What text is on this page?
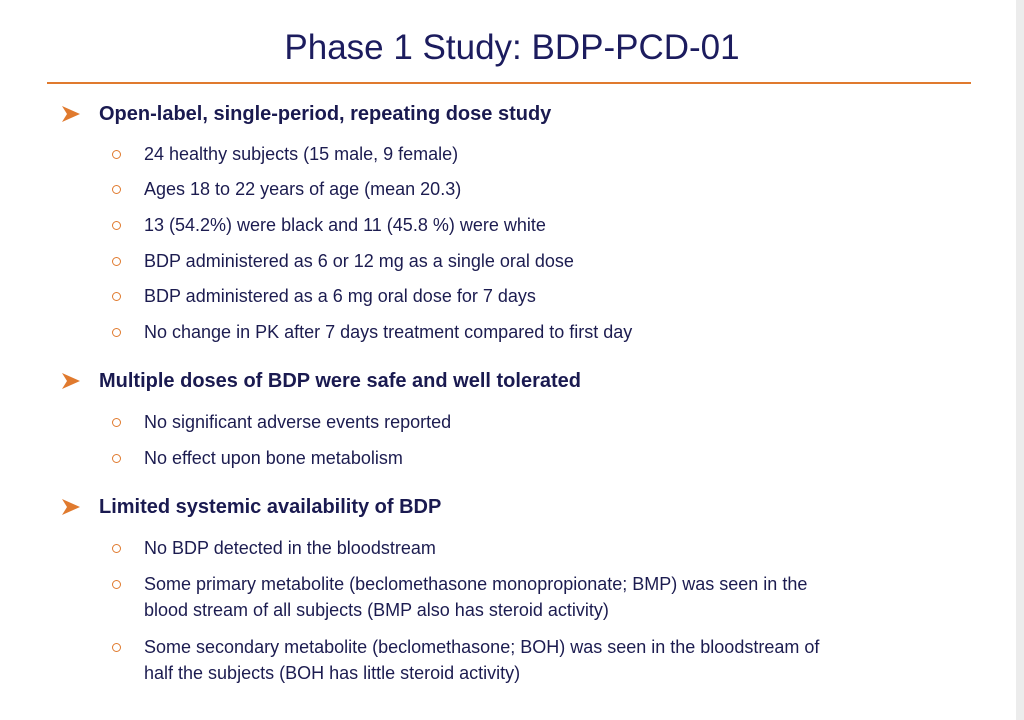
Phase 1 Study: BDP-PCD-01
Open-label, single-period, repeating dose study
24 healthy subjects (15 male, 9 female)
Ages 18 to 22 years of age (mean 20.3)
13 (54.2%) were black and 11 (45.8 %) were white
BDP administered as 6 or 12 mg as a single oral dose
BDP administered as a 6 mg oral dose for 7 days
No change in PK after 7 days treatment compared to first day
Multiple doses of BDP were safe and well tolerated
No significant adverse events reported
No effect upon bone metabolism
Limited systemic availability of BDP
No BDP detected in the bloodstream
Some primary metabolite (beclomethasone monopropionate; BMP) was seen in the
blood stream of all subjects (BMP also has steroid activity)
Some secondary metabolite (beclomethasone; BOH) was seen in the bloodstream of
half the subjects (BOH has little steroid activity)
